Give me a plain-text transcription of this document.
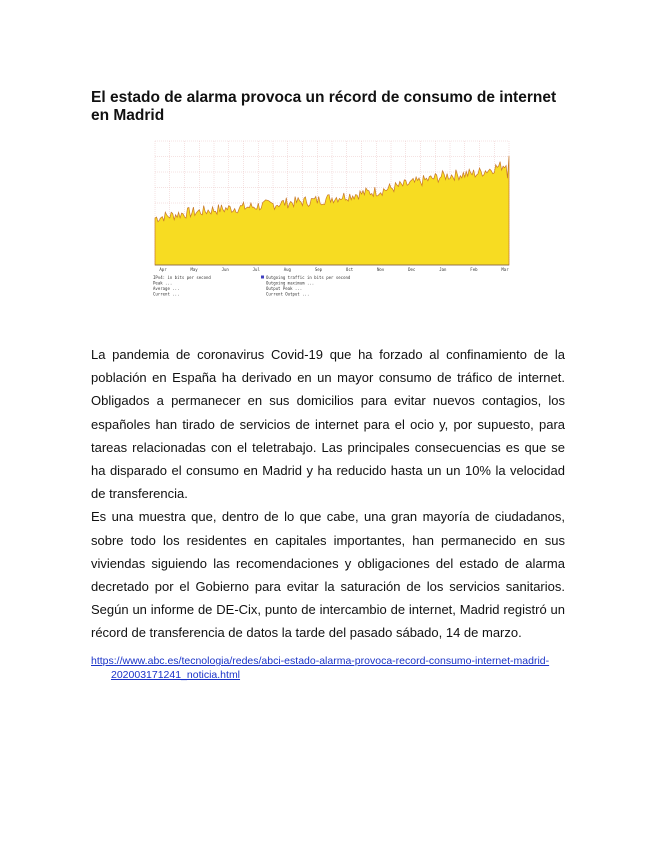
El estado de alarma provoca un récord de consumo de internet en Madrid
Apr	May	Jun	Jul	Aug	Sep	Oct	Nov	Dec	Jan	Feb	Mar
IPv4: in bits per second
Peak ...
Average ...
Current ...
Outgoing traffic in bits per second
Outgoing maximum ...
Output Peak ...
Current Output ...

La pandemia de coronavirus Covid-19 que ha forzado al confinamiento de la población en España ha derivado en un mayor consumo de tráfico de internet. Obligados a permanecer en sus domicilios para evitar nuevos contagios, los españoles han tirado de servicios de internet para el ocio y, por supuesto, para tareas relacionadas con el teletrabajo. Las principales consecuencias es que se ha disparado el consumo en Madrid y ha reducido hasta un un 10% la velocidad de transferencia.

Es una muestra que, dentro de lo que cabe, una gran mayoría de ciudadanos, sobre todo los residentes en capitales importantes, han permanecido en sus viviendas siguiendo las recomendaciones y obligaciones del estado de alarma decretado por el Gobierno para evitar la saturación de los servicios sanitarios. Según un informe de DE-Cix, punto de intercambio de internet, Madrid registró un récord de transferencia de datos la tarde del pasado sábado, 14 de marzo.

https://www.abc.es/tecnologia/redes/abci-estado-alarma-provoca-record-consumo-internet-madrid-

202003171241_noticia.html
